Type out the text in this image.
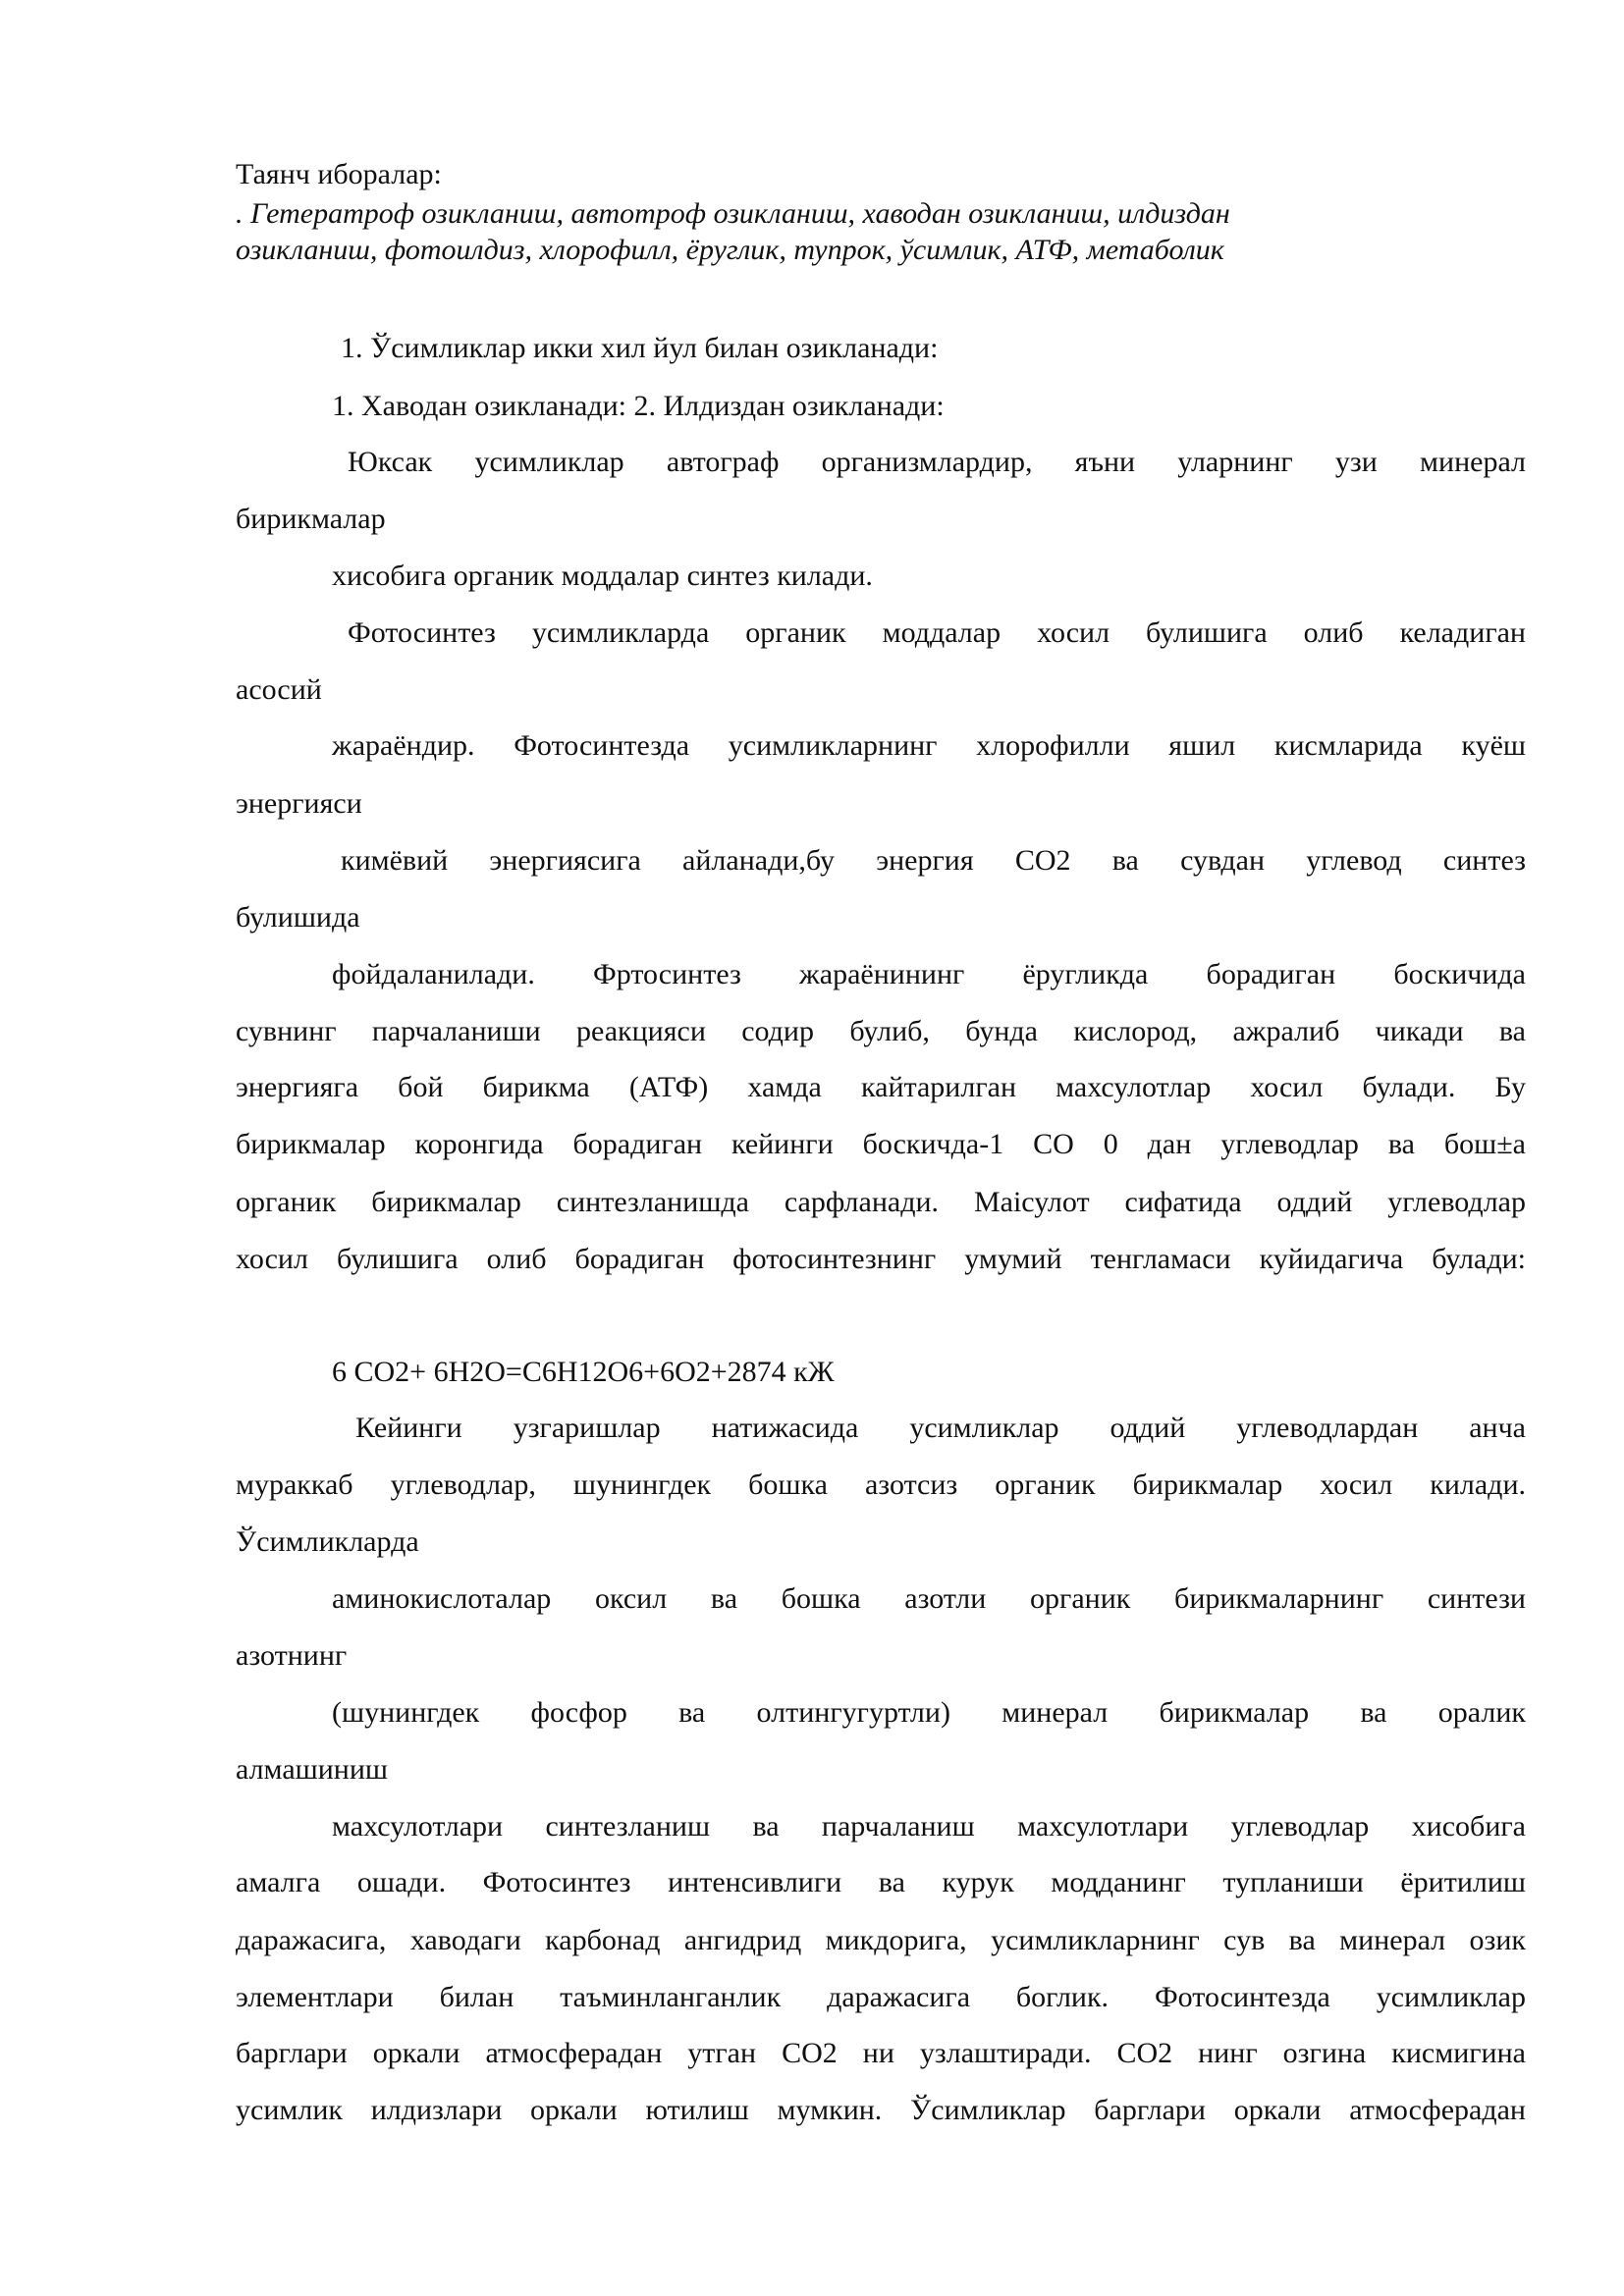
Таянч иборалар:
. Гетератроф озикланиш, автотроф озикланиш, хаводан озикланиш, илдиздан
озикланиш, фотоилдиз, хлорофилл, ёруглик, тупрок, ўсимлик, АТФ, метаболик
1. Ўсимликлар икки хил йул билан озикланади:
1. Хаводан озикланади: 2. Илдиздан озикланади:
Юксак усимликлар автограф организмлардир, яъни уларнинг узи минерал
бирикмалар
хисобига органик моддалар синтез килади.
Фотосинтез усимликларда органик моддалар хосил булишига олиб келадиган
асосий
жараёндир. Фотосинтезда усимликларнинг хлорофилли яшил кисмларида куёш
энергияси
кимёвий энергиясига айланади,бу энергия СО2 ва сувдан углевод синтез
булишида
фойдаланилади. Фртосинтез жараёнининг ёругликда борадиган боскичида
сувнинг парчаланиши реакцияси содир булиб, бунда кислород, ажралиб чикади ва
энергияга бой бирикма (АТФ) хамда кайтарилган махсулотлар хосил булади. Бу
бирикмалар коронгида борадиган кейинги боскичда-1 СО 0 дан углеводлар ва бош±а
органик бирикмалар синтезланишда сарфланади. Маiсулот сифатида оддий углеводлар
хосил булишига олиб борадиган фотосинтезнинг умумий тенгламаси куйидагича булади:
6 СО2+ 6Н2О=С6Н12О6+6О2+2874 кЖ
Кейинги узгаришлар натижасида усимликлар оддий углеводлардан анча
мураккаб углеводлар, шунингдек бошка азотсиз органик бирикмалар хосил килади.
Ўсимликларда
аминокислоталар оксил ва бошка азотли органик бирикмаларнинг синтези
азотнинг
(шунингдек фосфор ва олтингугуртли) минерал бирикмалар ва оралик
алмашиниш
махсулотлари синтезланиш ва парчаланиш махсулотлари углеводлар хисобига
амалга ошади. Фотосинтез интенсивлиги ва курук модданинг тупланиши ёритилиш
даражасига, хаводаги карбонад ангидрид микдорига, усимликларнинг сув ва минерал озик
элементлари билан таъминланганлик даражасига боглик. Фотосинтезда усимликлар
барглари оркали атмосферадан утган СО2 ни узлаштиради. СО2 нинг озгина кисмигина
усимлик илдизлари оркали ютилиш мумкин. Ўсимликлар барглари оркали атмосферадан
